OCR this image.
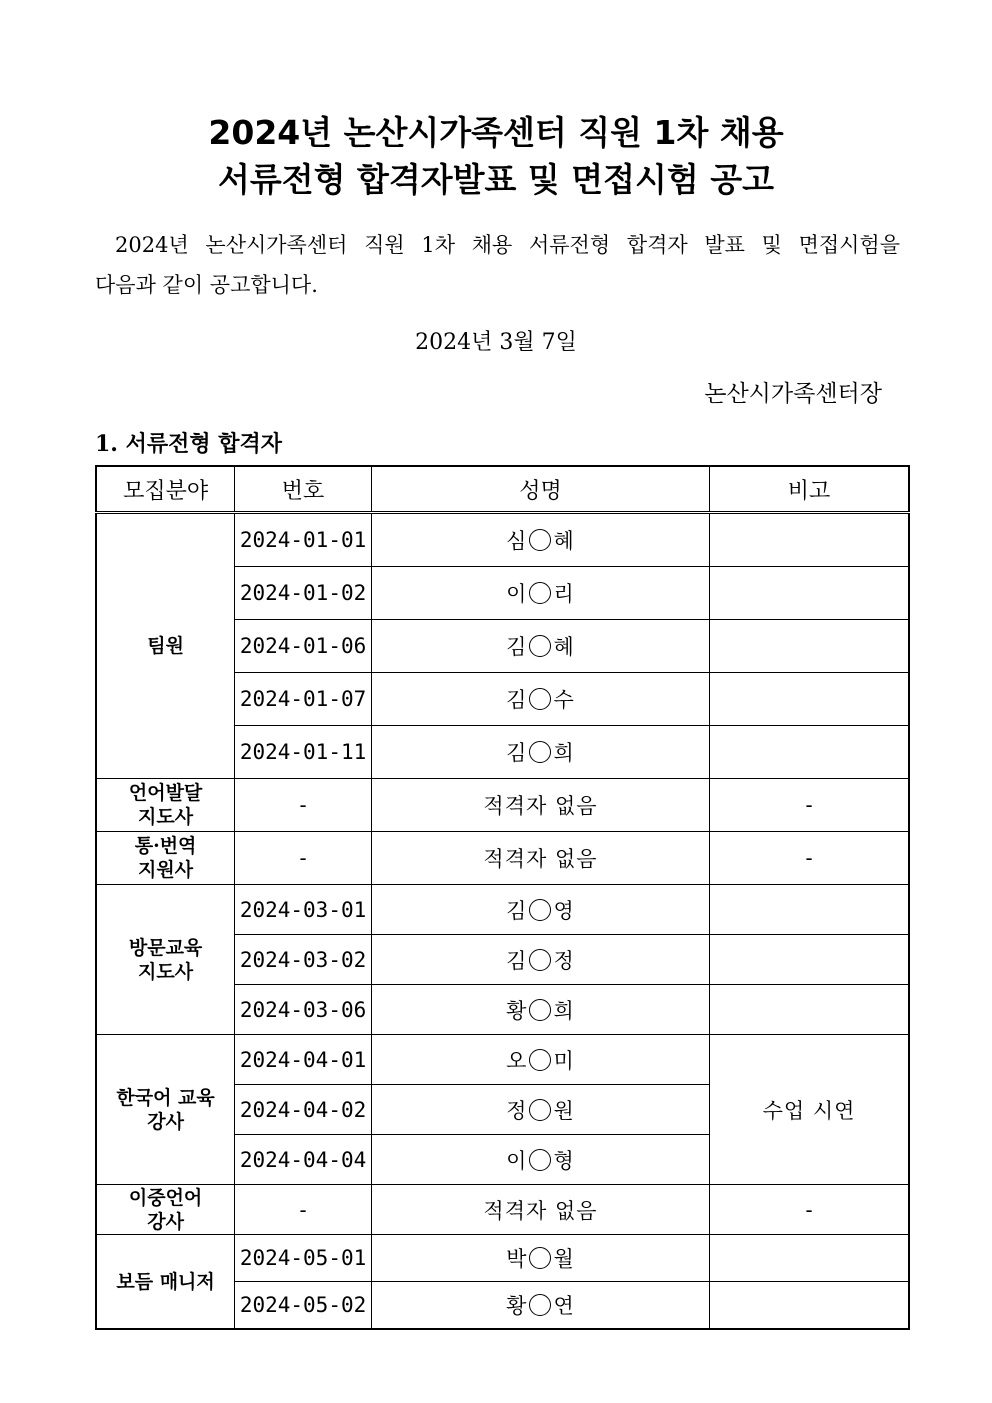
2024년 논산시가족센터 직원 1차 채용
서류전형 합격자발표 및 면접시험 공고
2024년 논산시가족센터 직원 1차 채용 서류전형 합격자 발표 및 면접시험을
다음과 같이 공고합니다.
2024년 3월 7일
논산시가족센터장
1. 서류전형 합격자
모집분야	번호	성명	비고
팀원	2024-01-01	심 혜	
	2024-01-02	이 리	
	2024-01-06	김 혜	
	2024-01-07	김 수	
	2024-01-11	김 희	
언어발달
지도사	-	적격자 없음	-
통·번역
지원사	-	적격자 없음	-
방문교육
지도사	2024-03-01	김 영	
	2024-03-02	김 정	
	2024-03-06	황 희	
한국어 교육
강사	2024-04-01	오 미	수업 시연
	2024-04-02	정 원	
	2024-04-04	이 형	
이중언어
강사	-	적격자 없음	-
보듬 매니저	2024-05-01	박 월	
	2024-05-02	황 연	
